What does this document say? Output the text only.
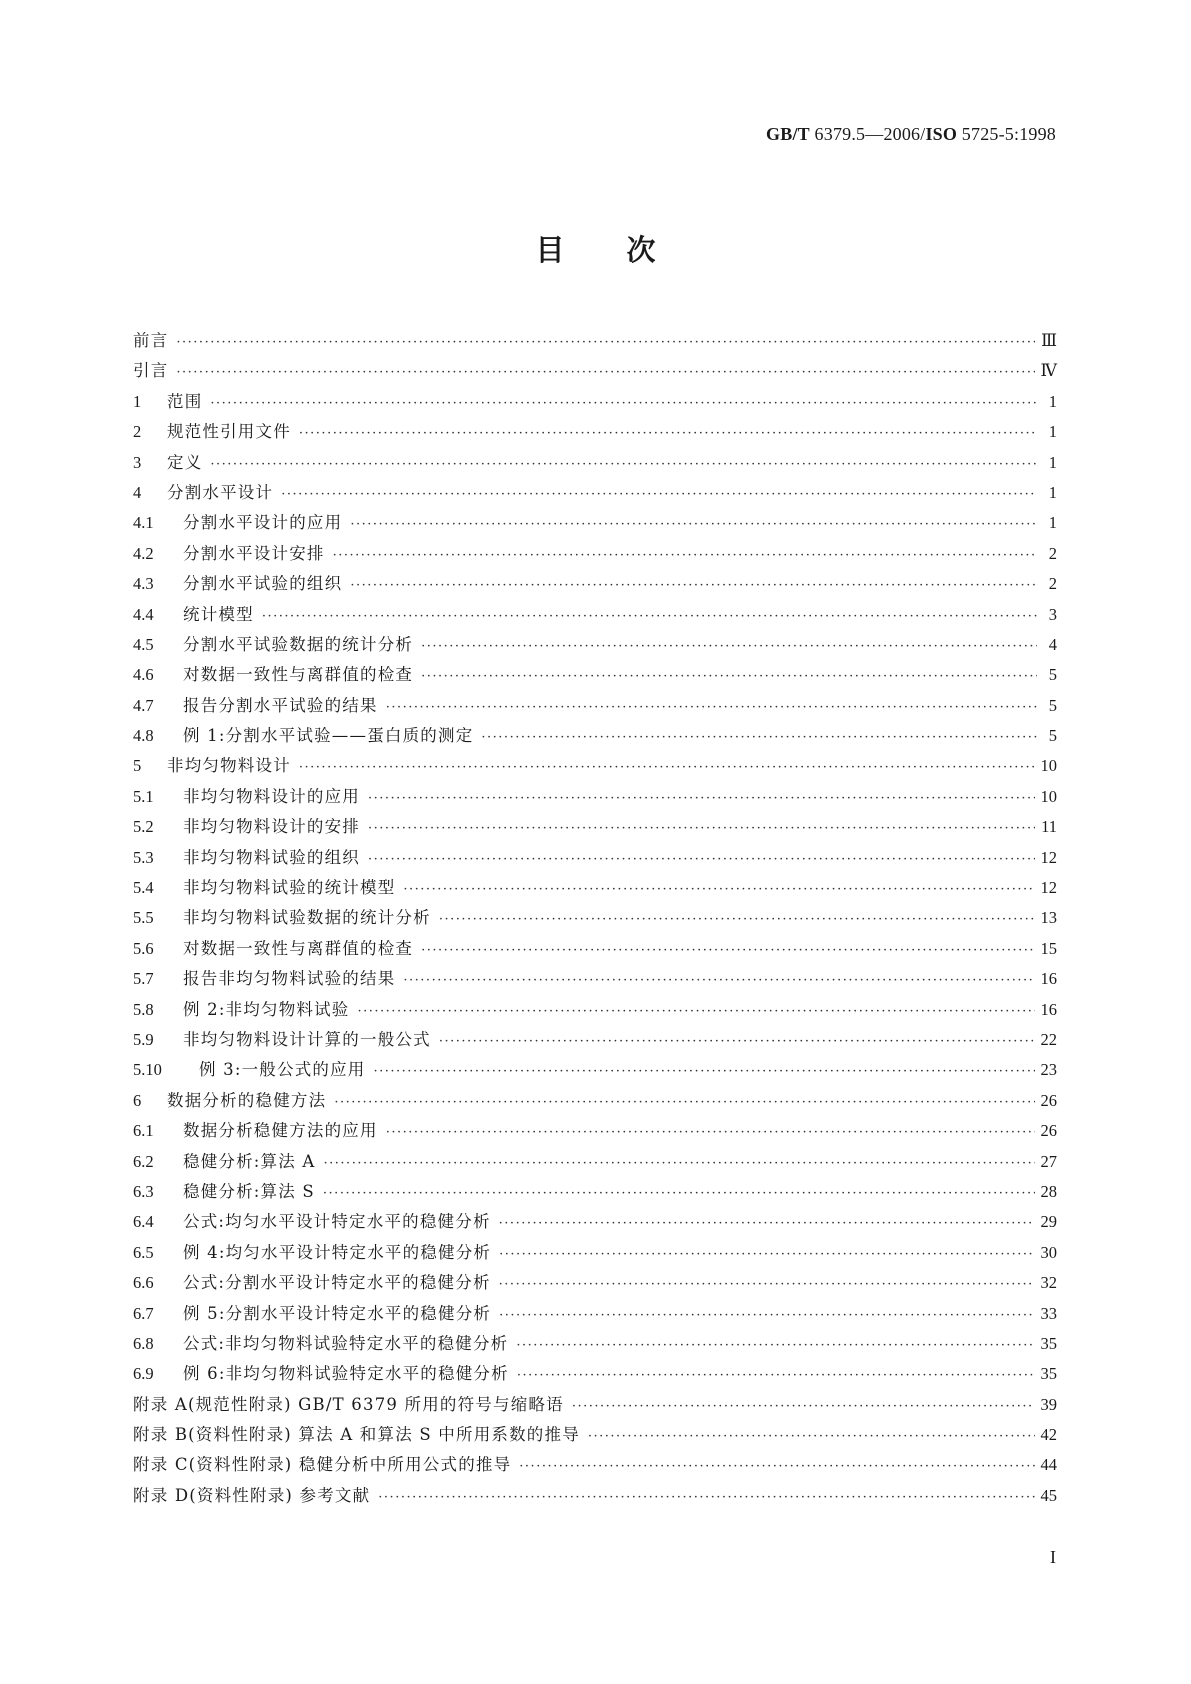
GB/T 6379.5—2006/ISO 5725-5:1998
目 次
前言 ·····	Ⅲ
引言 ·····	Ⅳ
1	范围 ·····	1
2	规范性引用文件 ·····	1
3	定义 ·····	1
4	分割水平设计 ·····	1
4.1	分割水平设计的应用 ·····	1
4.2	分割水平设计安排 ·····	2
4.3	分割水平试验的组织 ·····	2
4.4	统计模型 ·····	3
4.5	分割水平试验数据的统计分析 ·····	4
4.6	对数据一致性与离群值的检查 ·····	5
4.7	报告分割水平试验的结果 ·····	5
4.8	例 1:分割水平试验——蛋白质的测定 ·····	5
5	非均匀物料设计 ·····	10
5.1	非均匀物料设计的应用 ·····	10
5.2	非均匀物料设计的安排 ·····	11
5.3	非均匀物料试验的组织 ·····	12
5.4	非均匀物料试验的统计模型 ·····	12
5.5	非均匀物料试验数据的统计分析 ·····	13
5.6	对数据一致性与离群值的检查 ·····	15
5.7	报告非均匀物料试验的结果 ·····	16
5.8	例 2:非均匀物料试验 ·····	16
5.9	非均匀物料设计计算的一般公式 ·····	22
5.10	例 3:一般公式的应用 ·····	23
6	数据分析的稳健方法 ·····	26
6.1	数据分析稳健方法的应用 ·····	26
6.2	稳健分析:算法 A ·····	27
6.3	稳健分析:算法 S ·····	28
6.4	公式:均匀水平设计特定水平的稳健分析 ·····	29
6.5	例 4:均匀水平设计特定水平的稳健分析 ·····	30
6.6	公式:分割水平设计特定水平的稳健分析 ·····	32
6.7	例 5:分割水平设计特定水平的稳健分析 ·····	33
6.8	公式:非均匀物料试验特定水平的稳健分析 ·····	35
6.9	例 6:非均匀物料试验特定水平的稳健分析 ·····	35
附录 A(规范性附录) GB/T 6379 所用的符号与缩略语 ·····	39
附录 B(资料性附录) 算法 A 和算法 S 中所用系数的推导 ·····	42
附录 C(资料性附录) 稳健分析中所用公式的推导 ·····	44
附录 D(资料性附录) 参考文献 ·····	45
I
